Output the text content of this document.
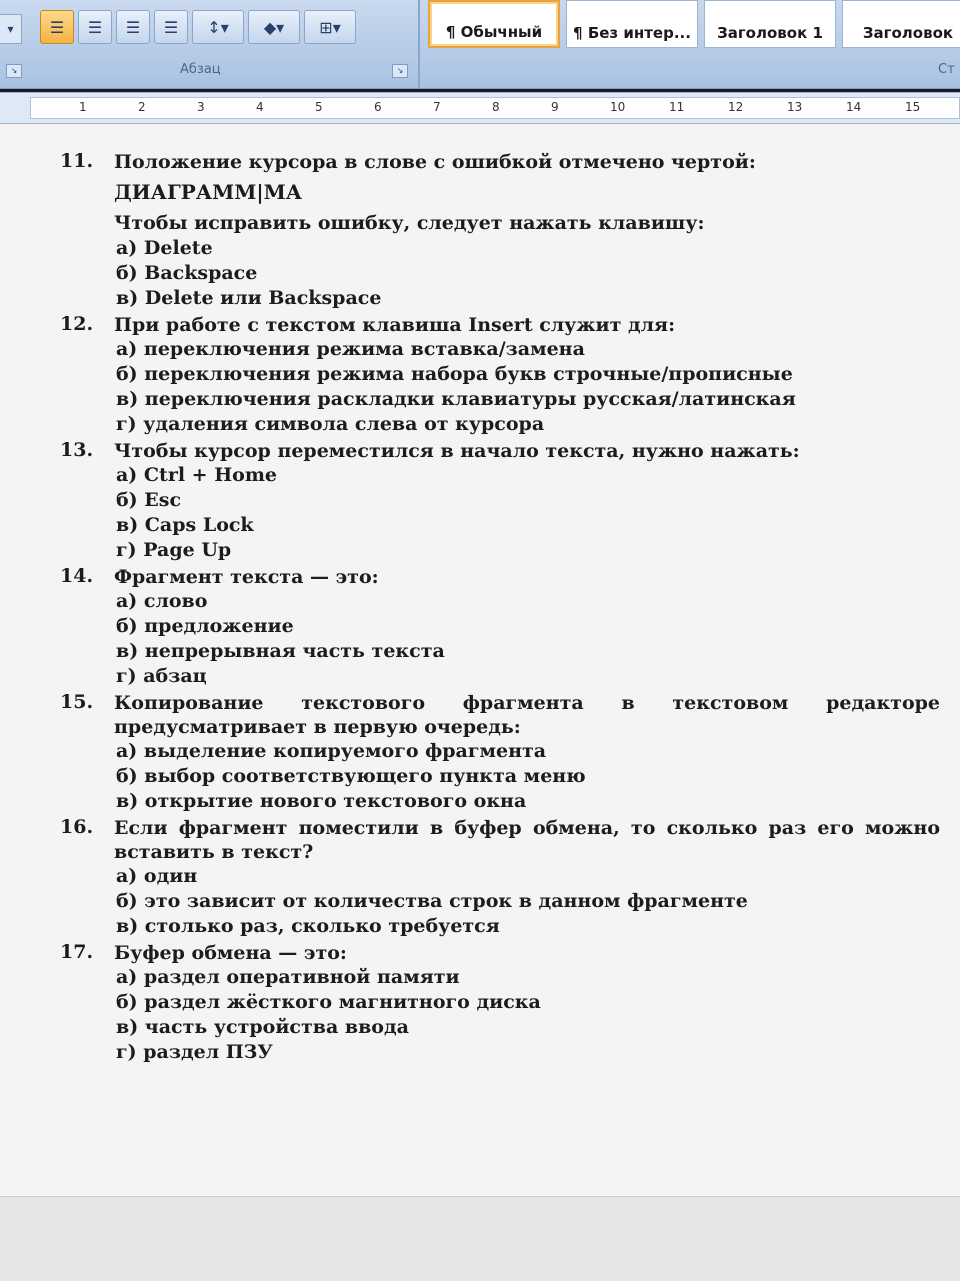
▾	☰ ☰ ☰ ☰ ↕▾ ◆▾ ⊞▾
↘	Абзац	↘
¶ Обычный	¶ Без интер...	Заголовок 1	Заголовок
Ст
1	2	3	4	5	6	7	8	9	10	11	12	13	14	15
11.	Положение курсора в слове с ошибкой отмечено чертой:
ДИАГРАММ|МА
Чтобы исправить ошибку, следует нажать клавишу:
а) Delete
б) Backspace
в) Delete или Backspace
12.	При работе с текстом клавиша Insert служит для:
а) переключения режима вставка/замена
б) переключения режима набора букв строчные/прописные
в) переключения раскладки клавиатуры русская/латинская
г) удаления символа слева от курсора
13.	Чтобы курсор переместился в начало текста, нужно нажать:
а) Ctrl + Home
б) Esc
в) Caps Lock
г) Page Up
14.	Фрагмент текста — это:
а) слово
б) предложение
в) непрерывная часть текста
г) абзац
15.	Копирование текстового фрагмента в текстовом редакторе предусматривает в первую очередь:
а) выделение копируемого фрагмента
б) выбор соответствующего пункта меню
в) открытие нового текстового окна
16.	Если фрагмент поместили в буфер обмена, то сколько раз его можно вставить в текст?
а) один
б) это зависит от количества строк в данном фрагменте
в) столько раз, сколько требуется
17.	Буфер обмена — это:
а) раздел оперативной памяти
б) раздел жёсткого магнитного диска
в) часть устройства ввода
г) раздел ПЗУ
